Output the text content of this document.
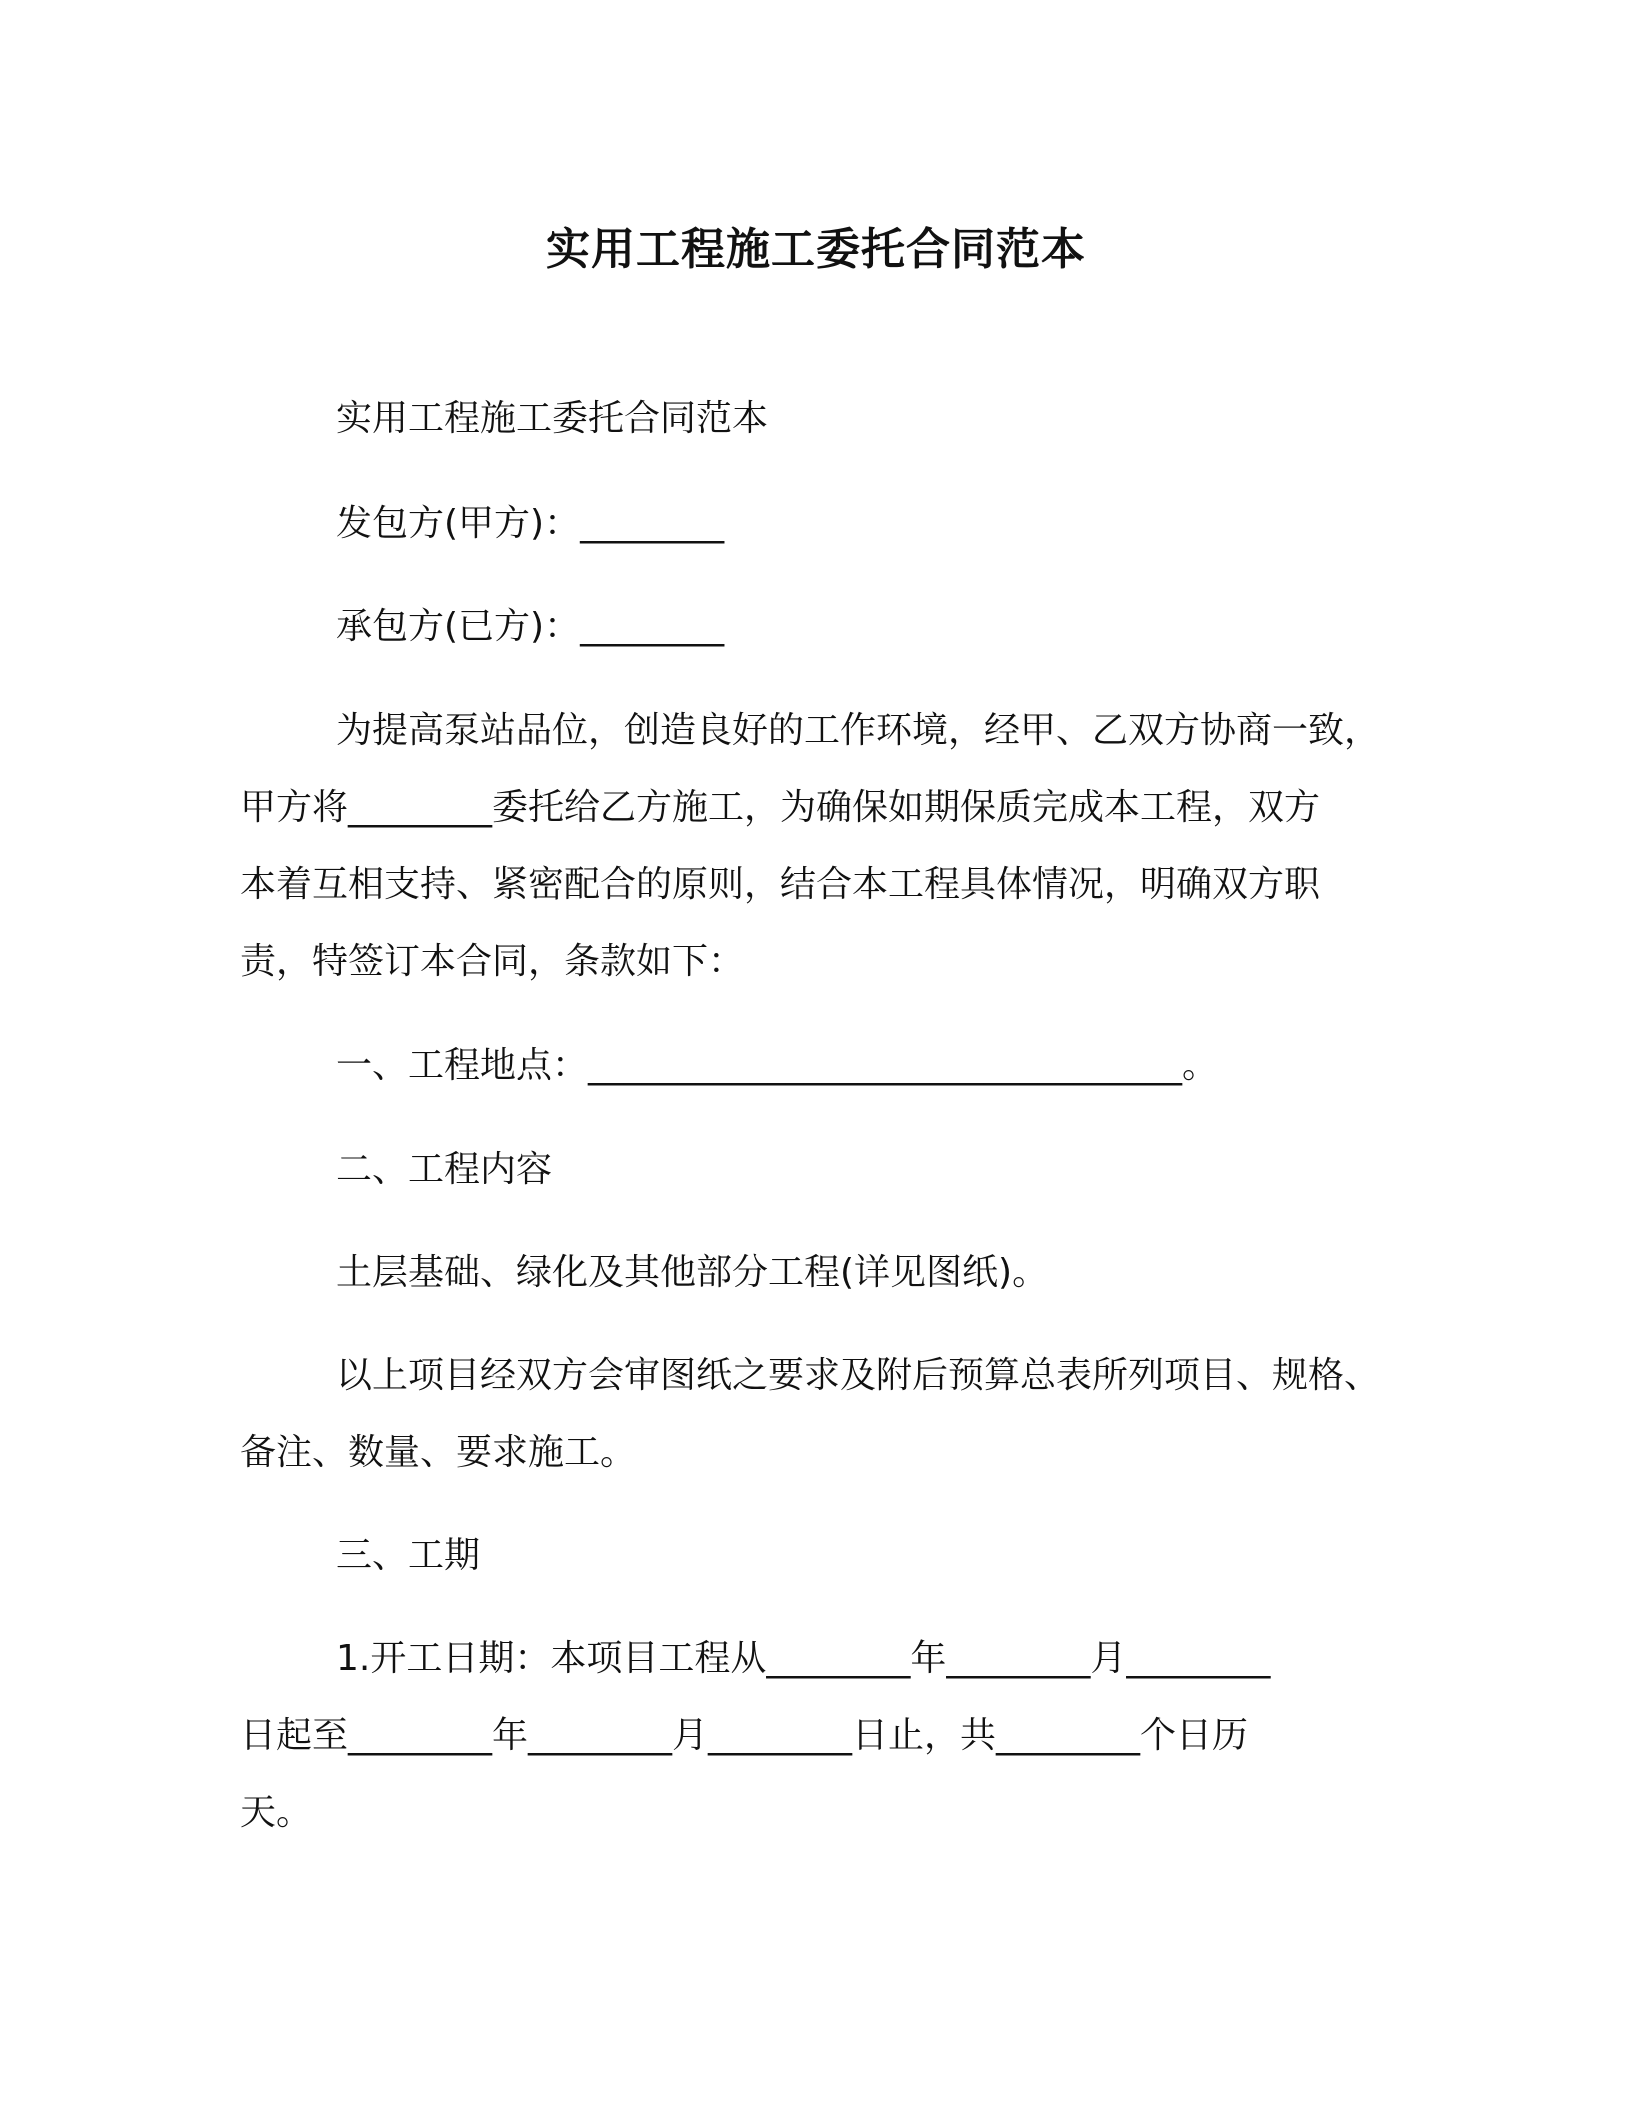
实用工程施工委托合同范本

实用工程施工委托合同范本

发包方(甲方)：________

承包方(已方)：________

为提高泵站品位，创造良好的工作环境，经甲、乙双方协商一致，
甲方将________委托给乙方施工，为确保如期保质完成本工程，双方
本着互相支持、紧密配合的原则，结合本工程具体情况，明确双方职
责，特签订本合同，条款如下：

一、工程地点：_________________________________。

二、工程内容

土层基础、绿化及其他部分工程(详见图纸)。

以上项目经双方会审图纸之要求及附后预算总表所列项目、规格、
备注、数量、要求施工。

三、工期

1.开工日期：本项目工程从________年________月________
日起至________年________月________日止，共________个日历
天。
